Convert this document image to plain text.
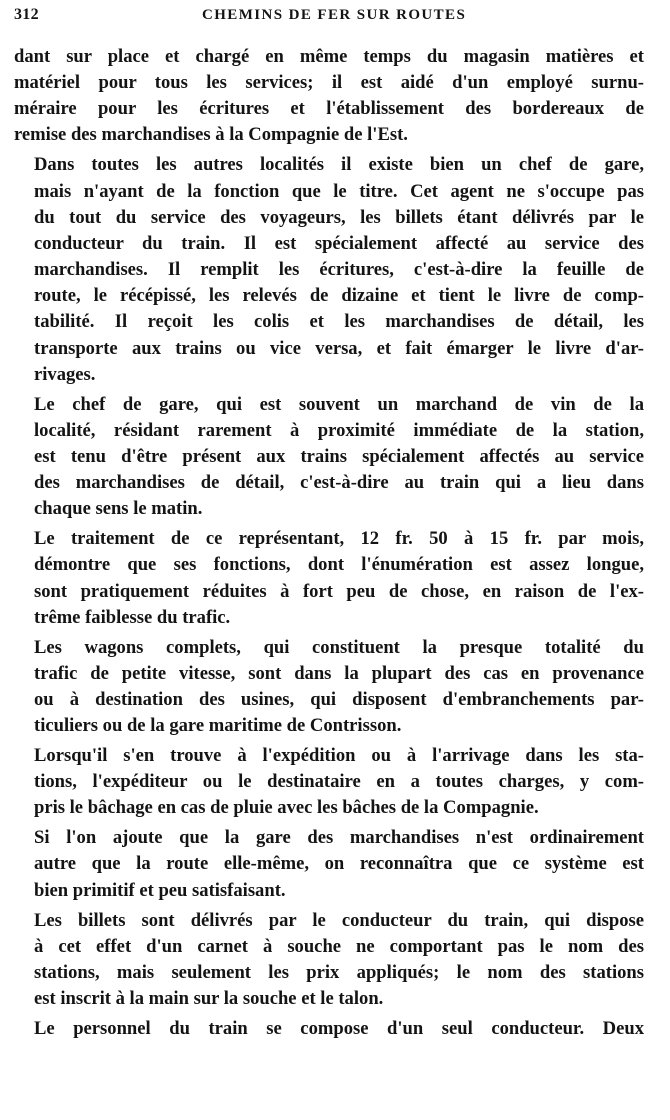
312	CHEMINS DE FER SUR ROUTES

dant sur place et chargé en même temps du magasin matières et
matériel pour tous les services; il est aidé d'un employé surnu-
méraire pour les écritures et l'établissement des bordereaux de
remise des marchandises à la Compagnie de l'Est.

Dans toutes les autres localités il existe bien un chef de gare,
mais n'ayant de la fonction que le titre. Cet agent ne s'occupe pas
du tout du service des voyageurs, les billets étant délivrés par le
conducteur du train. Il est spécialement affecté au service des
marchandises. Il remplit les écritures, c'est-à-dire la feuille de
route, le récépissé, les relevés de dizaine et tient le livre de comp-
tabilité. Il reçoit les colis et les marchandises de détail, les
transporte aux trains ou vice versa, et fait émarger le livre d'ar-
rivages.

Le chef de gare, qui est souvent un marchand de vin de la
localité, résidant rarement à proximité immédiate de la station,
est tenu d'être présent aux trains spécialement affectés au service
des marchandises de détail, c'est-à-dire au train qui a lieu dans
chaque sens le matin.

Le traitement de ce représentant, 12 fr. 50 à 15 fr. par mois,
démontre que ses fonctions, dont l'énumération est assez longue,
sont pratiquement réduites à fort peu de chose, en raison de l'ex-
trême faiblesse du trafic.

Les wagons complets, qui constituent la presque totalité du
trafic de petite vitesse, sont dans la plupart des cas en provenance
ou à destination des usines, qui disposent d'embranchements par-
ticuliers ou de la gare maritime de Contrisson.

Lorsqu'il s'en trouve à l'expédition ou à l'arrivage dans les sta-
tions, l'expéditeur ou le destinataire en a toutes charges, y com-
pris le bâchage en cas de pluie avec les bâches de la Compagnie.

Si l'on ajoute que la gare des marchandises n'est ordinairement
autre que la route elle-même, on reconnaîtra que ce système est
bien primitif et peu satisfaisant.

Les billets sont délivrés par le conducteur du train, qui dispose
à cet effet d'un carnet à souche ne comportant pas le nom des
stations, mais seulement les prix appliqués; le nom des stations
est inscrit à la main sur la souche et le talon.

Le personnel du train se compose d'un seul conducteur. Deux
